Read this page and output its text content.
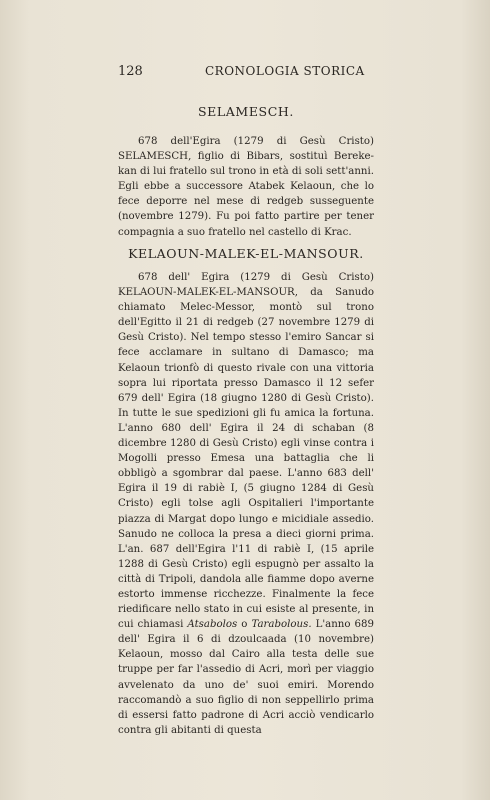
128	CRONOLOGIA STORICA
SELAMESCH.

678 dell'Egira (1279 di Gesù Cristo) SELAMESCH, figlio di Bibars, sostituì Bereke-kan di lui fratello sul trono in età di soli sett'anni. Egli ebbe a successore Atabek Kelaoun, che lo fece deporre nel mese di redgeb susseguente (novembre 1279). Fu poi fatto partire per tener compagnia a suo fratello nel castello di Krac.

KELAOUN-MALEK-EL-MANSOUR.

678 dell' Egira (1279 di Gesù Cristo) KELAOUN-MALEK-EL-MANSOUR, da Sanudo chiamato Melec-Messor, montò sul trono dell'Egitto il 21 di redgeb (27 novembre 1279 di Gesù Cristo). Nel tempo stesso l'emiro Sancar si fece acclamare in sultano di Damasco; ma Kelaoun trionfò di questo rivale con una vittoria sopra lui riportata presso Damasco il 12 sefer 679 dell' Egira (18 giugno 1280 di Gesù Cristo). In tutte le sue spedizioni gli fu amica la fortuna. L'anno 680 dell' Egira il 24 di schaban (8 dicembre 1280 di Gesù Cristo) egli vinse contra i Mogolli presso Emesa una battaglia che li obbligò a sgombrar dal paese. L'anno 683 dell' Egira il 19 di rabiè I, (5 giugno 1284 di Gesù Cristo) egli tolse agli Ospitalieri l'importante piazza di Margat dopo lungo e micidiale assedio. Sanudo ne colloca la presa a dieci giorni prima. L'an. 687 dell'Egira l'11 di rabiè I, (15 aprile 1288 di Gesù Cristo) egli espugnò per assalto la città di Tripoli, dandola alle fiamme dopo averne estorto immense ricchezze. Finalmente la fece riedificare nello stato in cui esiste al presente, in cui chiamasi Atsabolos o Tarabolous. L'anno 689 dell' Egira il 6 di dzoulcaada (10 novembre) Kelaoun, mosso dal Cairo alla testa delle sue truppe per far l'assedio di Acri, morì per viaggio avvelenato da uno de' suoi emiri. Morendo raccomandò a suo figlio di non seppellirlo prima di essersi fatto padrone di Acri acciò vendicarlo contra gli abitanti di questa
